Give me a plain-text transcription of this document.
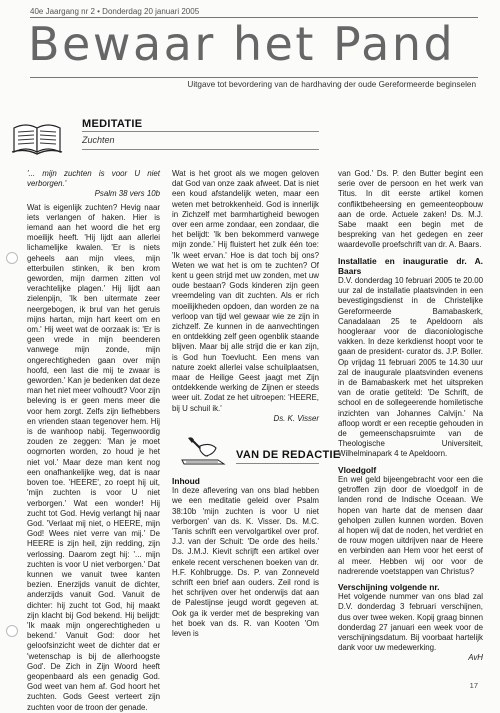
40e Jaargang nr 2 • Donderdag 20 januari 2005
Bewaar het Pand
Uitgave tot bevordering van de hardhaving der oude Gereformeerde beginselen
MEDITATIE
Zuchten

'... mijn zuchten is voor U niet verborgen.'

Psalm 38 vers 10b

Wat is eigenlijk zuchten? Hevig naar iets verlangen of haken. Hier is iemand aan het woord die het erg moeilijk heeft. 'Hij lijdt aan allerlei lichamelijke kwalen. 'Er is niets geheels aan mijn vlees, mijn etterbuilen stinken, ik ben krom geworden, mijn darmen zitten vol verachtelijke plagen.' Hij lijdt aan zielenpijn, 'Ik ben uitermate zeer neergebogen, ik brul van het geruis mijns hartan, mijn hart keert om en om.' Hij weet wat de oorzaak is: 'Er is geen vrede in mijn beenderen vanwege mijn zonde, mijn ongerechtigheden gaan over mijn hoofd, een last die mij te zwaar is geworden.' Kan je bedenken dat deze man het niet meer volhoudt? Voor zijn beleving is er geen mens meer die voor hem zorgt. Zelfs zijn liefhebbers en vrienden staan tegenover hem. Hij is de wanhoop nabij. Tegenwoordig zouden ze zeggen: 'Man je moet oogrnorten worden, zo houd je het niet vol.' Maar deze man kent nog een onafhankelijke weg, dat is naar boven toe. 'HEERE', zo roept hij uit, 'mijn zuchten is voor U niet verborgen.' Wat een wonder! Hij zucht tot God. Hevig verlangt hij naar God. 'Verlaat mij niet, o HEERE, mijn God! Wees niet verre van mij.' De HEERE is zijn heil, zijn redding, zijn verlossing. Daarom zegt hij: '... mijn zuchten is voor U niet verborgen.' Dat kunnen we vanuit twee kanten bezien. Enerzijds vanuit de dichter, anderzijds vanuit God. Vanuit de dichter: hij zucht tot God, hij maakt zijn klacht bij God bekend. Hij belijdt: 'Ik maak mijn ongerechtigheden u bekend.' Vanuit God: door het geloofsinzicht weet de dichter dat er 'wetenschap is bij de allerhoogste God'. De Zich in Zijn Woord heeft geopenbaard als een genadig God. God weet van hem af. God hoort het zuchten. Gods Geest verteert zijn zuchten voor de troon der genade.

Wat is het groot als we mogen geloven dat God van onze zaak afweet. Dat is niet een koud afstandelijk weten, maar een weten met betrokkenheid. God is innerlijk in Zichzelf met barmhartigheid bewogen over een arme zondaar, een zondaar, die het belijdt: 'Ik ben bekommerd vanwege mijn zonde.' Hij fluistert het zulk één toe: 'Ik weet ervan.' Hoe is dat toch bij ons? Weten we wat het is om te zuchten? Of kent u geen strijd met uw zonden, met uw oude bestaan? Gods kinderen zijn geen vreemdeling van dit zuchten. Als er rich moeilijkheden opdoen, dan worden ze na verloop van tijd wel gewaar wie ze zijn in zichzelf. Ze kunnen in de aanvechtingen en ontdekking zelf geen ogenblik staande blijven. Maar bij alle strijd die er kan zijn, is God hun Toevlucht. Een mens van nature zoekt allerlei valse schuilplaatsen, maar de Heilige Geest jaagt met Zijn ontdekkende werking de Zijnen er steeds weer uit. Zodat ze het uitroepen: 'HEERE, bij U schuil ik.'

Ds. K. Visser

VAN DE REDACTIE

Inhoud

In deze aflevering van ons blad hebben we een meditatie geleid over Psalm 38:10b 'mijn zuchten is voor U niet verborgen' van ds. K. Visser. Ds. M.C. 'Tanis schrift een vervolgartikel over prof. J.J. van der Schuit: 'De orde des heils.' Ds. J.M.J. Kievit schrijft een artikel over enkele recent verschenen boeken van dr. H.F. Kohlbrugge. Ds. P. van Zonneveld schrift een brief aan ouders. Zeil rond is het schrijven over het onderwijs dat aan de Palestijnse jeugd wordt gegeven at. Ook ga ik verder met de bespreking van het boek van ds. R. van Kooten 'Om leven is

van God.' Ds. P. den Butter begint een serie over de persoon en het werk van Titus. In dit eerste artikel komen confliktbeheersing en gemeenteopbouw aan de orde. Actuele zaken! Ds. M.J. Sabe maakt een begin met de bespreking van het gedegen en zeer waardevolle proefschrift van dr. A. Baars.

Installatie en inauguratie dr. A. Baars

D.V. donderdag 10 februari 2005 te 20.00 uur zal de installatie plaatsvinden in een bevestigingsdienst in de Christelijke Gereformeerde Bamabaskerk, Canadalaan 25 te Apeldoorn als hoogleraar voor de diaconiologische vakken. In deze kerkdienst hoopt voor te gaan de president- curator ds. J.P. Boller. Op vrijdag 11 februari 2005 te 14.30 uur zal de inaugurale plaatsvinden evenens in de Bamabaskerk met het uitspreken van de oratie getiteld: 'De Schrift, de school en de sollegeerende homiletische inzichten van Johannes Calvijn.' Na afloop wordt er een receptie gehouden in de gemeenschapsruimte van de Theologische Universiteit, Wilhelminapark 4 te Apeldoorn.

Vloedgolf

En wel geld bijeengebracht voor een die getroffen zijn door de vloedgolf in de landen rond de Indische Oceaan. We hopen van harte dat de mensen daar geholpen zullen kunnen worden. Boven al hopen wij dat de noden, het verdriet en de rouw mogen uitdrijven naar de Heere en verbinden aan Hem voor het eerst of al meer. Hebben wij oor voor de nadrerende voetstappen van Christus?

Verschijning volgende nr.

Het volgende nummer van ons blad zal D.V. donderdag 3 februari verschijnen, dus over twee weken. Kopij graag binnen donderdag 27 januari een week voor de verschijningsdatum. Bij voorbaat hartelijk dank voor uw medewerking.

AvH

17
